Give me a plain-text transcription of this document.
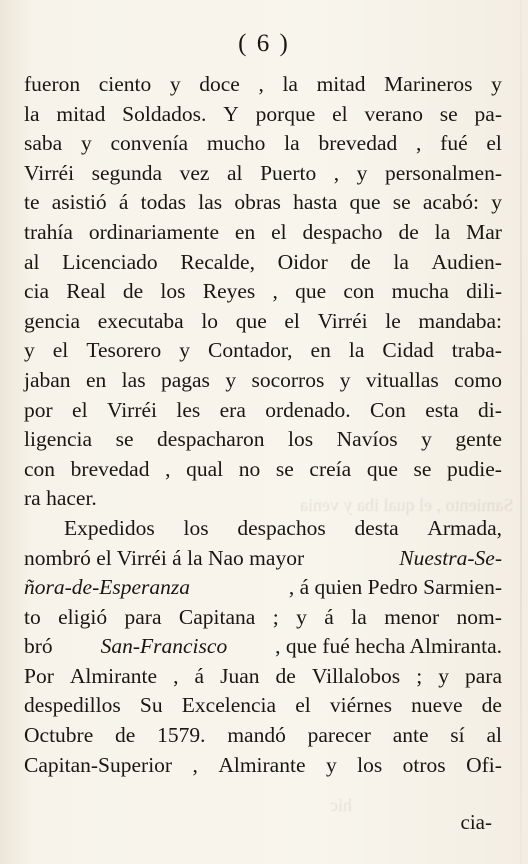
Samiento , el qual iba y venia
hic
( 6 )
fueron ciento y doce , la mitad Marineros y
la mitad Soldados. Y porque el verano se pa-
saba y convenía mucho la brevedad , fué el
Virréi segunda vez al Puerto , y personalmen-
te asistió á todas las obras hasta que se acabó: y
trahía ordinariamente en el despacho de la Mar
al Licenciado Recalde, Oidor de la Audien-
cia Real de los Reyes , que con mucha dili-
gencia executaba lo que el Virréi le mandaba:
y el Tesorero y Contador, en la Cidad traba-
jaban en las pagas y socorros y vituallas como
por el Virréi les era ordenado. Con esta di-
ligencia se despacharon los Navíos y gente
con brevedad , qual no se creía que se pudie-
ra hacer.
Expedidos los despachos desta Armada,
nombró el Virréi á la Nao mayor	Nuestra-Se-
ñora-de-Esperanza	, á quien Pedro Sarmien-
to eligió para Capitana ; y á la menor nom-
bró San-Francisco , que fué hecha Almiranta.
Por Almirante , á Juan de Villalobos ; y para
despedillos Su Excelencia el viérnes nueve de
Octubre de 1579. mandó parecer ante sí al
Capitan-Superior , Almirante y los otros Ofi-
cia-
